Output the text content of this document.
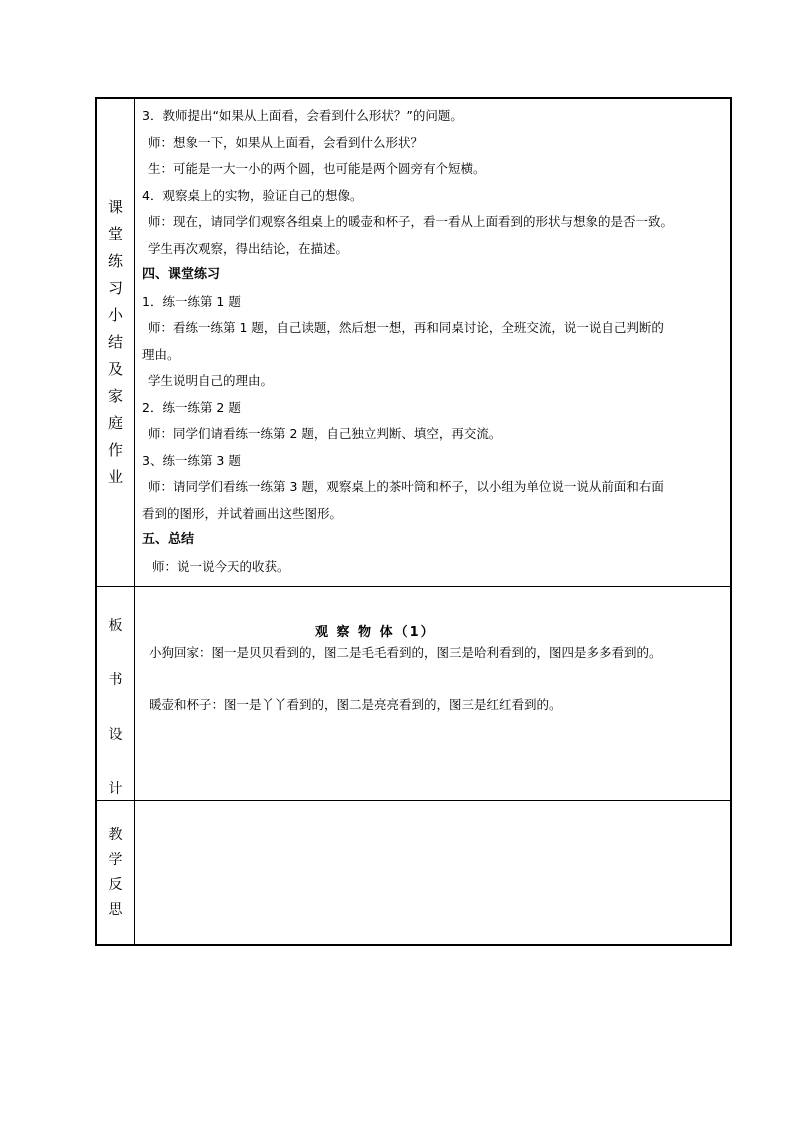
课
堂
练
习
小
结
及
家
庭
作
业
3．教师提出“如果从上面看，会看到什么形状？”的问题。
师：想象一下，如果从上面看，会看到什么形状？
生：可能是一大一小的两个圆，也可能是两个圆旁有个短横。
4．观察桌上的实物，验证自己的想像。
师：现在，请同学们观察各组桌上的暖壶和杯子，看一看从上面看到的形状与想象的是否一致。
学生再次观察，得出结论，在描述。
四、课堂练习
1．练一练第 1 题
师：看练一练第 1 题，自己读题，然后想一想，再和同桌讨论，全班交流，说一说自己判断的
理由。
学生说明自己的理由。
2．练一练第 2 题
师：同学们请看练一练第 2 题，自己独立判断、填空，再交流。
3、练一练第 3 题
师：请同学们看练一练第 3 题，观察桌上的茶叶筒和杯子，以小组为单位说一说从前面和右面
看到的图形，并试着画出这些图形。
五、总结
师：说一说今天的收获。
板
书
设
计
观 察 物 体（1）
小狗回家：图一是贝贝看到的，图二是毛毛看到的，图三是哈利看到的，图四是多多看到的。
暖壶和杯子：图一是丫丫看到的，图二是亮亮看到的，图三是红红看到的。
教
学
反
思
